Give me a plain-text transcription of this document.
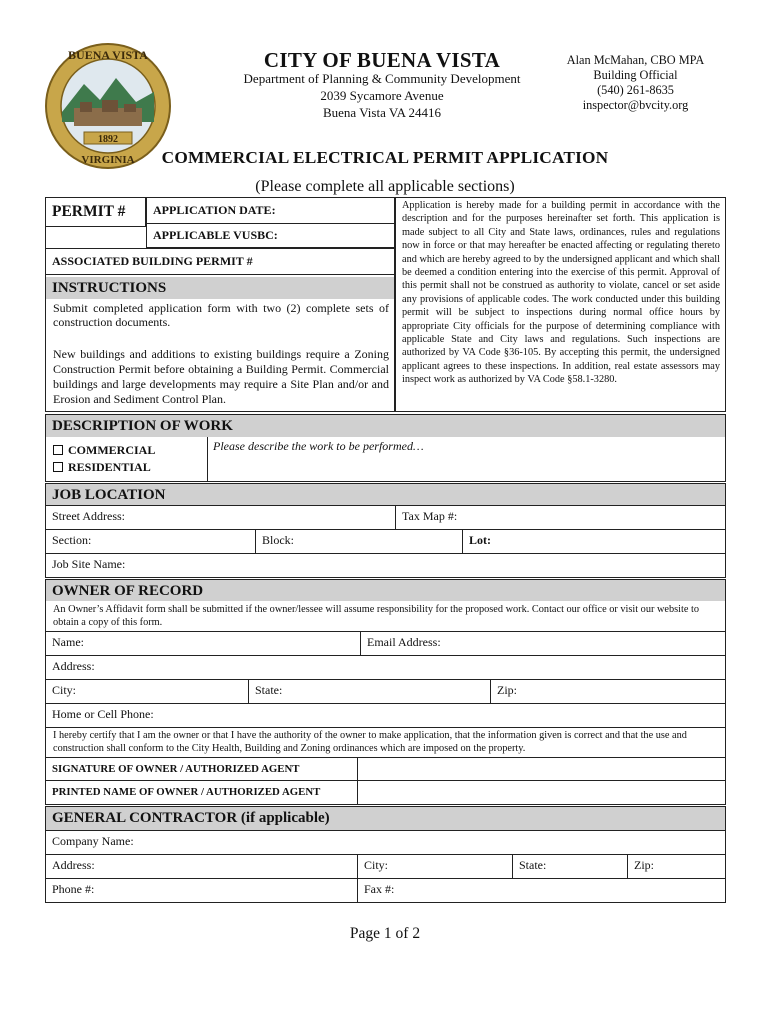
BUENA VISTA
1892
VIRGINIA
CITY OF BUENA VISTA
Department of Planning & Community Development
2039 Sycamore Avenue
Buena Vista VA 24416
Alan McMahan, CBO MPA
Building Official
(540) 261-8635
inspector@bvcity.org
COMMERCIAL ELECTRICAL PERMIT APPLICATION
(Please complete all applicable sections)
PERMIT #	APPLICATION DATE:
APPLICABLE VUSBC:
ASSOCIATED BUILDING PERMIT #
INSTRUCTIONS
Submit completed application form with two (2) complete sets of construction documents.
New buildings and additions to existing buildings require a Zoning Construction Permit before obtaining a Building Permit. Commercial buildings and large developments may require a Site Plan and/or and Erosion and Sediment Control Plan.
Application is hereby made for a building permit in accordance with the description and for the purposes hereinafter set forth. This application is made subject to all City and State laws, ordinances, rules and regulations now in force or that may hereafter be enacted affecting or regulating thereto and which are hereby agreed to by the undersigned applicant and which shall be deemed a condition entering into the exercise of this permit. Approval of this permit shall not be construed as authority to violate, cancel or set aside any provisions of applicable codes. The work conducted under this building permit will be subject to inspections during normal office hours by appropriate City officials for the purpose of determining compliance with applicable State and City laws and regulations. Such inspections are authorized by VA Code §36-105. By accepting this permit, the undersigned applicant agrees to these inspections. In addition, real estate assessors may inspect work as authorized by VA Code §58.1-3280.
DESCRIPTION OF WORK
COMMERCIAL
RESIDENTIAL
Please describe the work to be performed…
JOB LOCATION
Street Address:	Tax Map #:
Section:	Block:	Lot:
Job Site Name:
OWNER OF RECORD
An Owner’s Affidavit form shall be submitted if the owner/lessee will assume responsibility for the proposed work. Contact our office or visit our website to obtain a copy of this form.
Name:	Email Address:
Address:
City:	State:	Zip:
Home or Cell Phone:
I hereby certify that I am the owner or that I have the authority of the owner to make application, that the information given is correct and that the use and construction shall conform to the City Health, Building and Zoning ordinances which are imposed on the property.
SIGNATURE OF OWNER / AUTHORIZED AGENT
PRINTED NAME OF OWNER / AUTHORIZED AGENT
GENERAL CONTRACTOR (if applicable)
Company Name:
Address:	City:	State:	Zip:
Phone #:	Fax #:
Page 1 of 2
